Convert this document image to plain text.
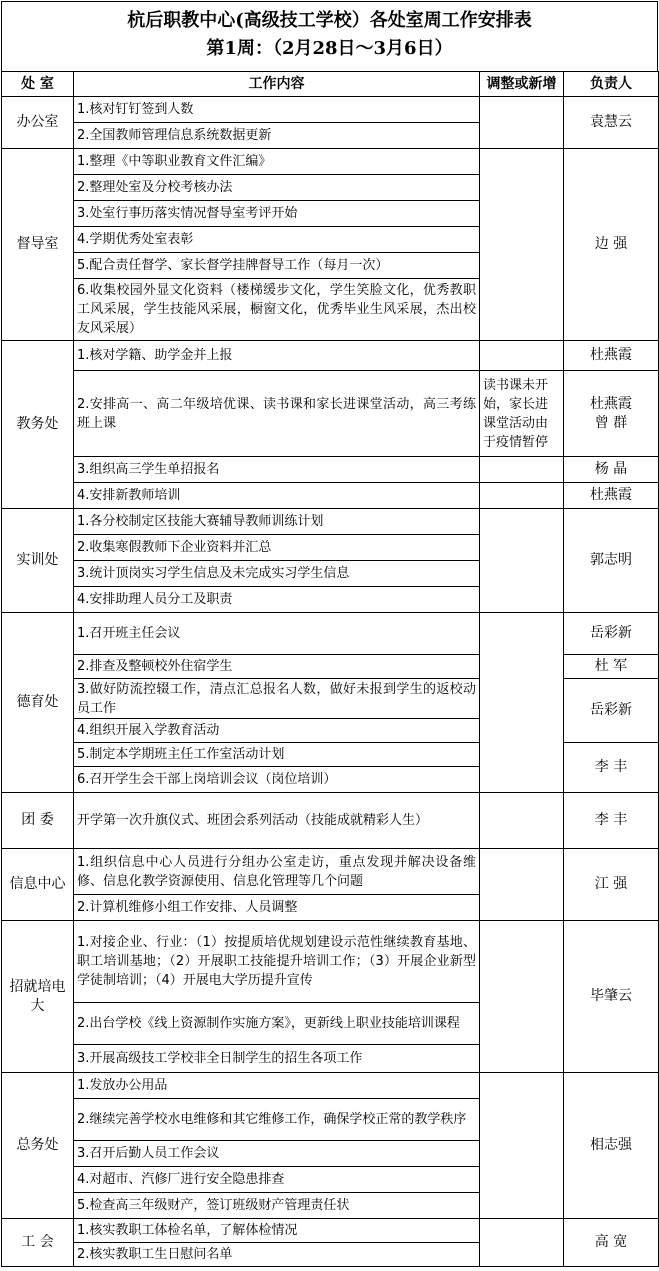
杭后职教中心(高级技工学校）各处室周工作安排表
第1周：（2月28日～3月6日）
处 室	工作内容	调整或新增	负责人
办公室	1.核对钉钉签到人数		袁慧云
	2.全国教师管理信息系统数据更新		
督导室	1.整理《中等职业教育文件汇编》		边 强
	2.整理处室及分校考核办法		
	3.处室行事历落实情况督导室考评开始		
	4.学期优秀处室表彰		
	5.配合责任督学、家长督学挂牌督导工作（每月一次）		
	6.收集校园外显文化资料（楼梯缓步文化，学生笑脸文化，优秀教职工风采展，学生技能风采展，橱窗文化，优秀毕业生风采展，杰出校友风采展）		
教务处	1.核对学籍、助学金并上报		杜燕霞
	2.安排高一、高二年级培优课、读书课和家长进课堂活动，高三考练班上课	读书课未开始，家长进课堂活动由于疫情暂停	杜燕霞 曾 群
	3.组织高三学生单招报名		杨 晶
	4.安排新教师培训		杜燕霞
实训处	1.各分校制定区技能大赛辅导教师训练计划		郭志明
	2.收集寒假教师下企业资料并汇总		
	3.统计顶岗实习学生信息及未完成实习学生信息		
	4.安排助理人员分工及职责		
德育处	1.召开班主任会议		岳彩新
	2.排查及整顿校外住宿学生		杜 军
	3.做好防流控辍工作，清点汇总报名人数，做好未报到学生的返校动员工作		岳彩新
	4.组织开展入学教育活动		
	5.制定本学期班主任工作室活动计划		李 丰
	6.召开学生会干部上岗培训会议（岗位培训）		
团 委	开学第一次升旗仪式、班团会系列活动（技能成就精彩人生）		李 丰
信息中心	1.组织信息中心人员进行分组办公室走访，重点发现并解决设备维修、信息化教学资源使用、信息化管理等几个问题		江 强
	2.计算机维修小组工作安排、人员调整		
招就培电大	1.对接企业、行业：（1）按提质培优规划建设示范性继续教育基地、职工培训基地；（2）开展职工技能提升培训工作；（3）开展企业新型学徒制培训；（4）开展电大学历提升宣传		毕肇云
	2.出台学校《线上资源制作实施方案》，更新线上职业技能培训课程		
	3.开展高级技工学校非全日制学生的招生各项工作		
总务处	1.发放办公用品		相志强
	2.继续完善学校水电维修和其它维修工作，确保学校正常的教学秩序		
	3.召开后勤人员工作会议		
	4.对超市、汽修厂进行安全隐患排查		
	5.检查高三年级财产，签订班级财产管理责任状		
工 会	1.核实教职工体检名单，了解体检情况		高 宽
	2.核实教职工生日慰问名单		
